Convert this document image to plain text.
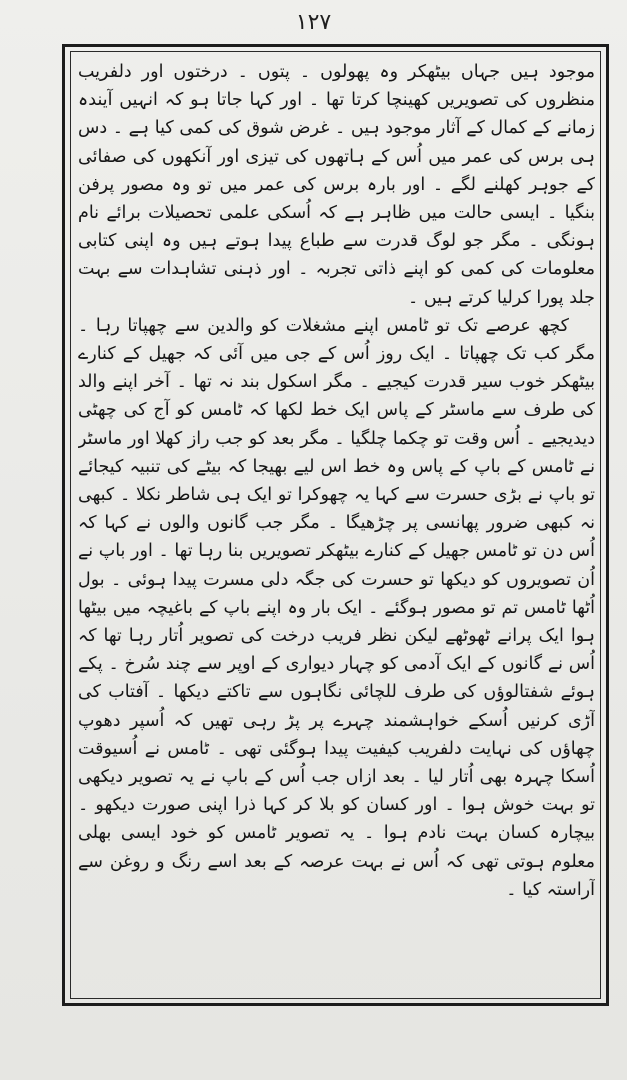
١٢٧

موجود ہیں جہاں بیٹھکر وہ پھولوں ۔ پتوں ۔ درختوں اور دلفریب منظروں کی تصویریں کھینچا کرتا تھا ۔ اور کہا جاتا ہو کہ انہیں آیندہ زمانے کے کمال کے آثار موجود ہیں ۔ غرض شوق کی کمی کیا ہے ۔ دس ہی برس کی عمر میں اُس کے ہاتھوں کی تیزی اور آنکھوں کی صفائی کے جوہر کھلنے لگے ۔ اور بارہ برس کی عمر میں تو وہ مصور پرفن بنگیا ۔ ایسی حالت میں ظاہر ہے کہ اُسکی علمی تحصیلات برائے نام ہونگی ۔ مگر جو لوگ قدرت سے طباع پیدا ہوتے ہیں وہ اپنی کتابی معلومات کی کمی کو اپنے ذاتی تجربہ ۔ اور ذہنی تشاہدات سے بہت جلد پورا کرلیا کرتے ہیں ۔

کچھ عرصے تک تو ٹامس اپنے مشغلات کو والدین سے چھپاتا رہا ۔ مگر کب تک چھپاتا ۔ ایک روز اُس کے جی میں آئی کہ جھیل کے کنارے بیٹھکر خوب سیر قدرت کیجیے ۔ مگر اسکول بند نہ تھا ۔ آخر اپنے والد کی طرف سے ماسٹر کے پاس ایک خط لکھا کہ ٹامس کو آج کی چھٹی دیدیجیے ۔ اُس وقت تو چکما چلگیا ۔ مگر بعد کو جب راز کھلا اور ماسٹر نے ٹامس کے باپ کے پاس وہ خط اس لیے بھیجا کہ بیٹے کی تنبیہ کیجائے تو باپ نے بڑی حسرت سے کہا یہ چھوکرا تو ایک ہی شاطر نکلا ۔ کبھی نہ کبھی ضرور پھانسی پر چڑھیگا ۔ مگر جب گانوں والوں نے کہا کہ اُس دن تو ٹامس جھیل کے کنارے بیٹھکر تصویریں بنا رہا تھا ۔ اور باپ نے اُن تصویروں کو دیکھا تو حسرت کی جگہ دلی مسرت پیدا ہوئی ۔ بول اُٹھا ٹامس تم تو مصور ہوگئے ۔ ایک بار وہ اپنے باپ کے باغیچہ میں بیٹھا ہوا ایک پرانے ٹھوٹھے لیکن نظر فریب درخت کی تصویر اُتار رہا تھا کہ اُس نے گانوں کے ایک آدمی کو چہار دیواری کے اوپر سے چند سُرخ ۔ پکے ہوئے شفتالوؤں کی طرف للچائی نگاہوں سے تاکتے دیکھا ۔ آفتاب کی آڑی کرنیں اُسکے خواہشمند چہرے پر پڑ رہی تھیں کہ اُسپر دھوپ چھاؤں کی نہایت دلفریب کیفیت پیدا ہوگئی تھی ۔ ٹامس نے اُسیوقت اُسکا چہرہ بھی اُتار لیا ۔ بعد ازاں جب اُس کے باپ نے یہ تصویر دیکھی تو بہت خوش ہوا ۔ اور کسان کو بلا کر کہا ذرا اپنی صورت دیکھو ۔ بیچارہ کسان بہت نادم ہوا ۔ یہ تصویر ٹامس کو خود ایسی بھلی معلوم ہوتی تھی کہ اُس نے بہت عرصہ کے بعد اسے رنگ و روغن سے آراستہ کیا ۔
